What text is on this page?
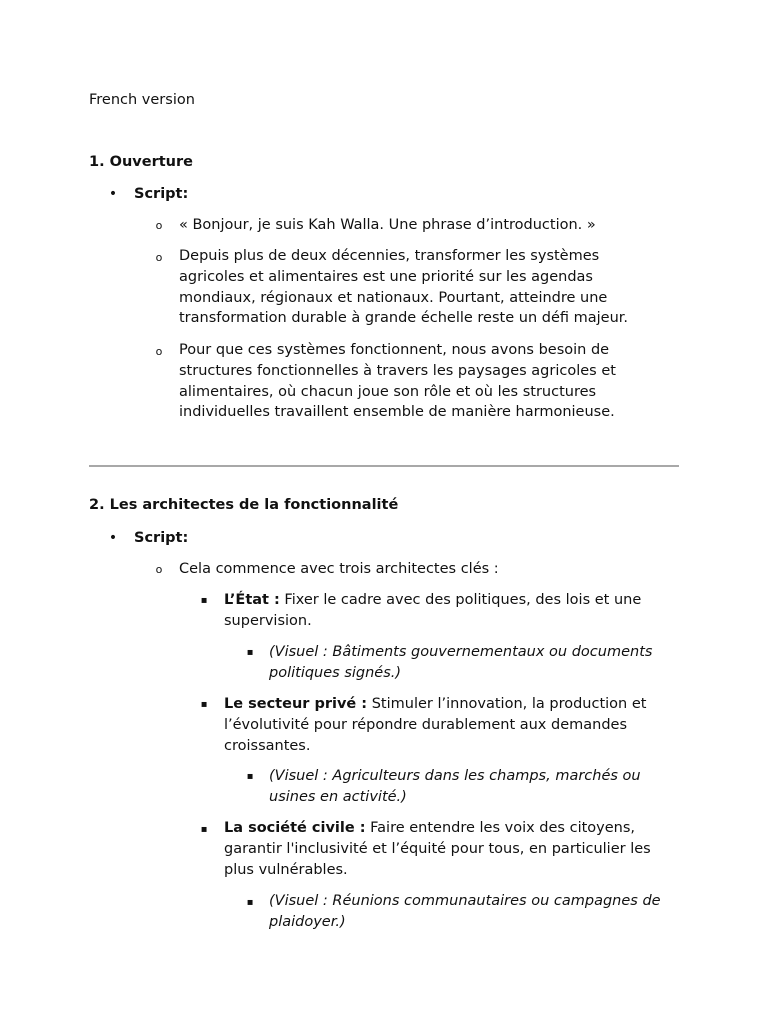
French version
1. Ouverture
• Script:
o « Bonjour, je suis Kah Walla. Une phrase d’introduction. »
o Depuis plus de deux décennies, transformer les systèmes
agricoles et alimentaires est une priorité sur les agendas
mondiaux, régionaux et nationaux. Pourtant, atteindre une
transformation durable à grande échelle reste un défi majeur.
o Pour que ces systèmes fonctionnent, nous avons besoin de
structures fonctionnelles à travers les paysages agricoles et
alimentaires, où chacun joue son rôle et où les structures
individuelles travaillent ensemble de manière harmonieuse.
2. Les architectes de la fonctionnalité
• Script:
o Cela commence avec trois architectes clés :
▪ L’État : Fixer le cadre avec des politiques, des lois et une
supervision.
▪ (Visuel : Bâtiments gouvernementaux ou documents
politiques signés.)
▪ Le secteur privé : Stimuler l’innovation, la production et
l’évolutivité pour répondre durablement aux demandes
croissantes.
▪ (Visuel : Agriculteurs dans les champs, marchés ou
usines en activité.)
▪ La société civile : Faire entendre les voix des citoyens,
garantir l'inclusivité et l’équité pour tous, en particulier les
plus vulnérables.
▪ (Visuel : Réunions communautaires ou campagnes de
plaidoyer.)
